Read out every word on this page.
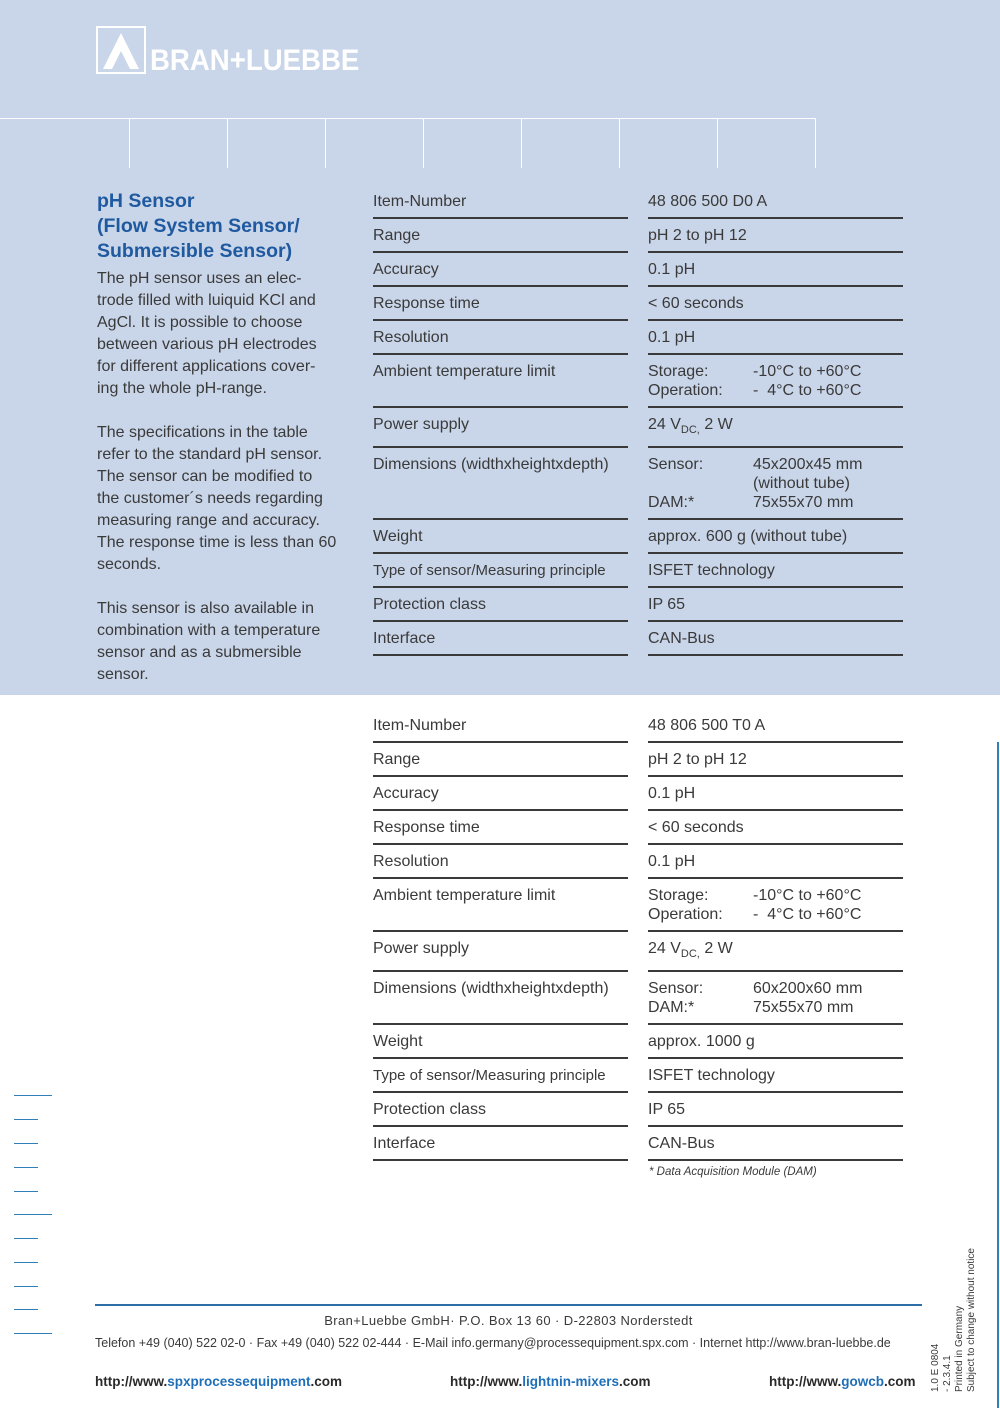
BRAN+LUEBBE
pH Sensor
(Flow System Sensor/
Submersible Sensor)

The pH sensor uses an elec-
trode filled with luiquid KCl and AgCl. It is possible to choose between various pH electrodes for different applications cover-
ing the whole pH-range.

The specifications in the table refer to the standard pH sensor. The sensor can be modified to the customer´s needs regarding measuring range and accuracy. The response time is less than 60 seconds.

This sensor is also available in combination with a temperature sensor and as a submersible sensor.

Item-Number	48 806 500 D0 A
Range	pH 2 to pH 12
Accuracy	0.1 pH
Response time	< 60 seconds
Resolution	0.1 pH
Ambient temperature limit	Storage:	-10°C to +60°C
Operation:	-  4°C to +60°C
Power supply	24 $V_{DC,}$ 2 W
Dimensions (widthxheightxdepth)	Sensor:	45x200x45 mm
(without tube)
DAM:*	75x55x70 mm
Weight	approx. 600 g (without tube)
Type of sensor/Measuring principle	ISFET technology
Protection class	IP 65
Interface	CAN-Bus
Item-Number	48 806 500 T0 A
Range	pH 2 to pH 12
Accuracy	0.1 pH
Response time	< 60 seconds
Resolution	0.1 pH
Ambient temperature limit	Storage:	-10°C to +60°C
Operation:	-  4°C to +60°C
Power supply	24 $V_{DC,}$ 2 W
Dimensions (widthxheightxdepth)	Sensor:	60x200x60 mm
DAM:*	75x55x70 mm
Weight	approx. 1000 g
Type of sensor/Measuring principle	ISFET technology
Protection class	IP 65
Interface	CAN-Bus
* Data Acquisition Module (DAM)
Bran+Luebbe GmbH· P.O. Box 13 60 · D-22803 Norderstedt
Telefon +49 (040) 522 02-0 · Fax +49 (040) 522 02-444 · E-Mail info.germany@processequipment.spx.com · Internet http://www.bran-luebbe.de
http://www.spxprocessequipment.com	http://www.lightnin-mixers.com	http://www.gowcb.com 1.0 E 0804 - 2.3.4.1 Printed in Germany Subject to change without notice
